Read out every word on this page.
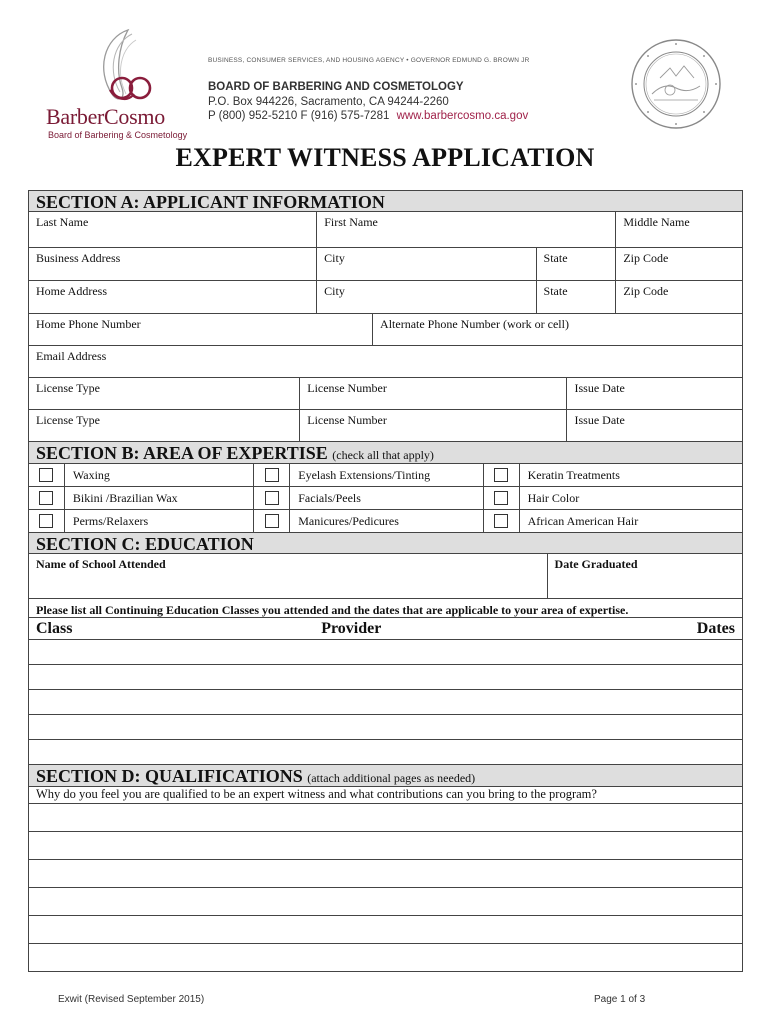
BarberCosmo
Board of Barbering & Cosmetology
BUSINESS, CONSUMER SERVICES, AND HOUSING AGENCY • GOVERNOR EDMUND G. BROWN JR
BOARD OF BARBERING AND COSMETOLOGY
P.O. Box 944226, Sacramento, CA 94244-2260
P (800) 952-5210 F (916) 575-7281 www.barbercosmo.ca.gov
EXPERT WITNESS APPLICATION
SECTION A: APPLICANT INFORMATION
Last Name	First Name	Middle Name
Business Address	City	State	Zip Code
Home Address	City	State	Zip Code
Home Phone Number	Alternate Phone Number (work or cell)
Email Address
License Type	License Number	Issue Date
License Type	License Number	Issue Date
SECTION B: AREA OF EXPERTISE (check all that apply)
Waxing	Eyelash Extensions/Tinting	Keratin Treatments
Bikini /Brazilian Wax	Facials/Peels	Hair Color
Perms/Relaxers	Manicures/Pedicures	African American Hair
SECTION C: EDUCATION
Name of School Attended	Date Graduated
Please list all Continuing Education Classes you attended and the dates that are applicable to your area of expertise.
Class	Provider	Dates
SECTION D: QUALIFICATIONS (attach additional pages as needed)
Why do you feel you are qualified to be an expert witness and what contributions can you bring to the program?
Exwit (Revised September 2015)	Page 1 of 3
